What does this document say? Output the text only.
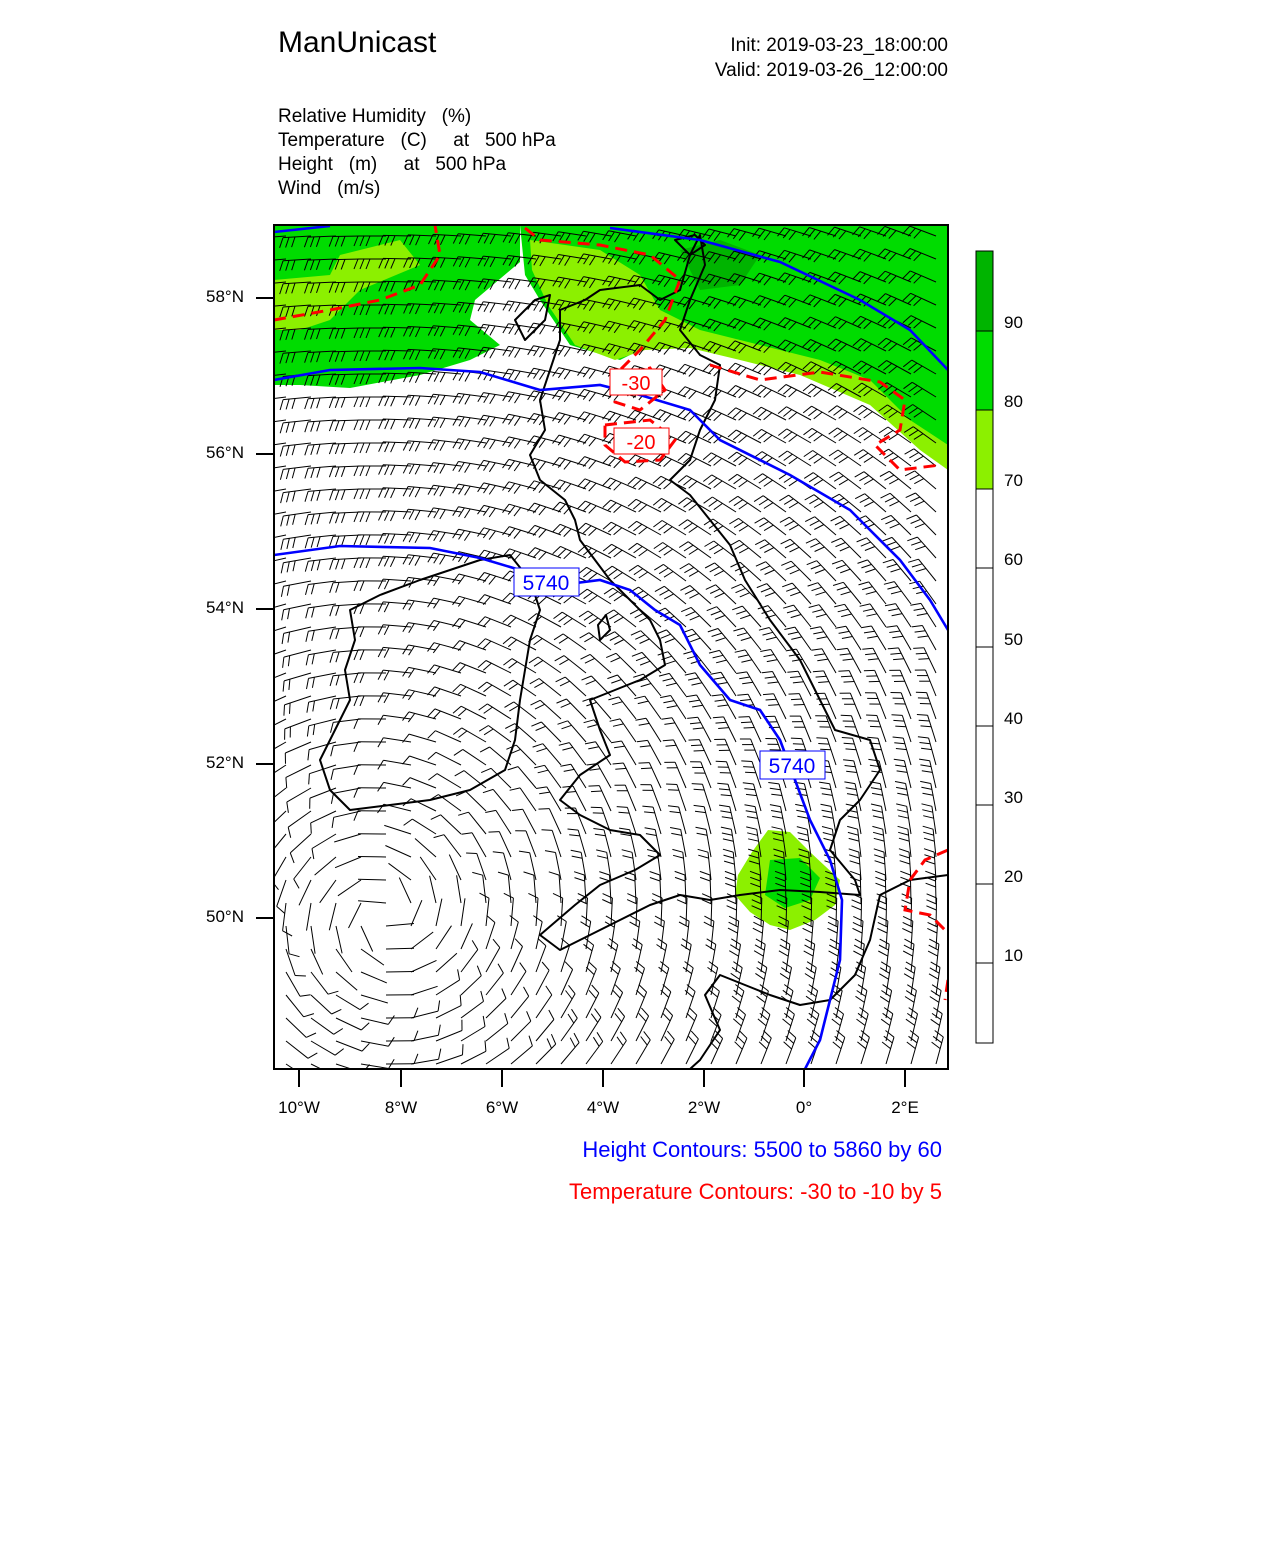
ManUnicast	Init: 2019-03-23_18:00:00
Valid: 2019-03-26_12:00:00
Relative Humidity   (%)
Temperature   (C)     at   500 hPa
Height   (m)     at   500 hPa
Wind   (m/s)
5740
5740
-30
-20
58°N
56°N
54°N
52°N
50°N
10°W	8°W	6°W	4°W	2°W	0°	2°E
90
80
70
60
50
40
30
20
10
Height Contours: 5500 to 5860 by 60
Temperature Contours: -30 to -10 by 5
